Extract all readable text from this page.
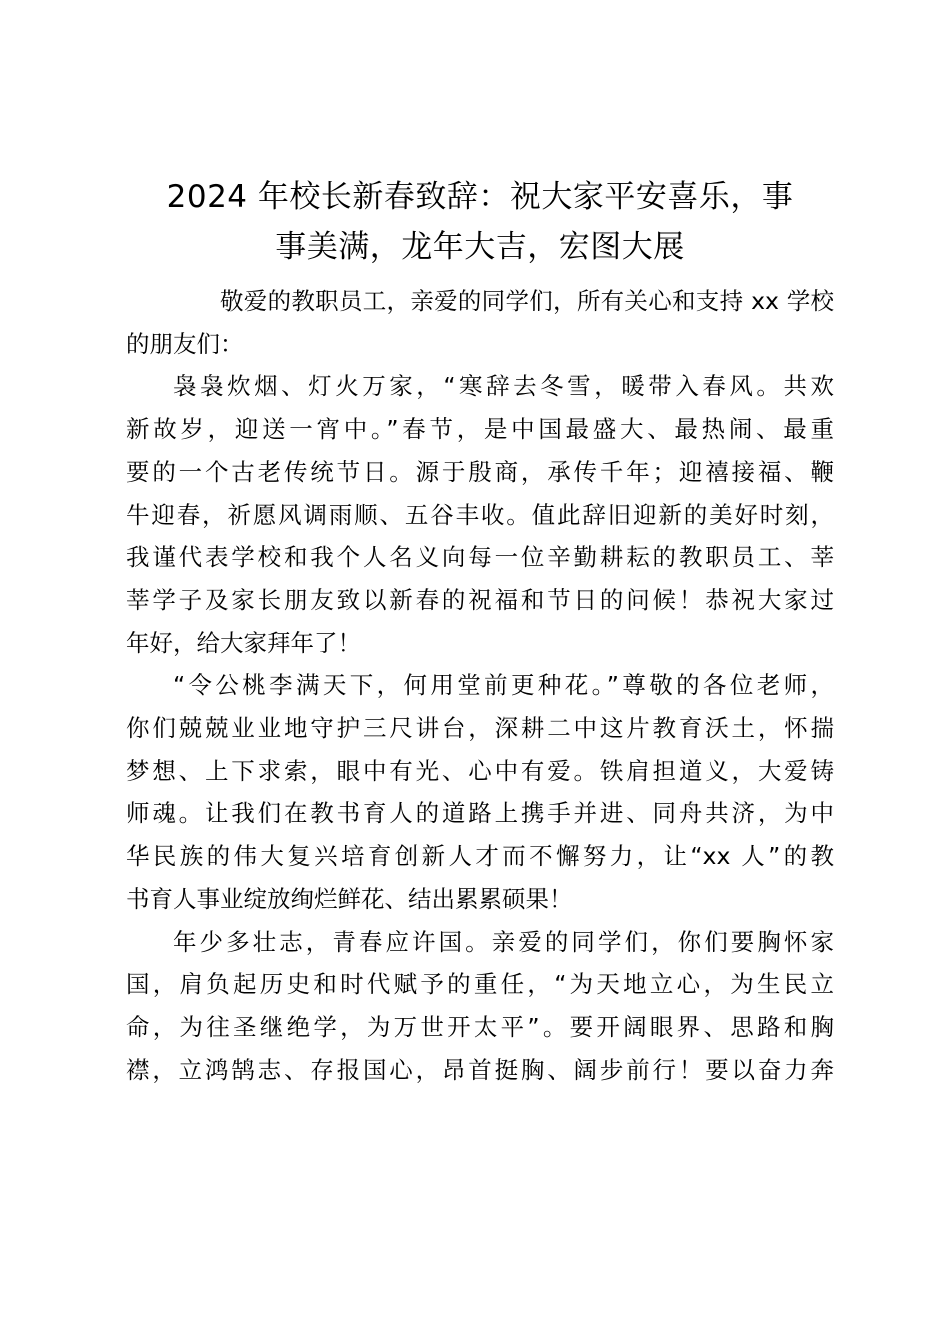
2024 年校长新春致辞：祝大家平安喜乐，事
事美满，龙年大吉，宏图大展
敬爱的教职员工，亲爱的同学们，所有关心和支持 xx 学校
的朋友们：
袅袅炊烟、灯火万家，“寒辞去冬雪，暖带入春风。共欢
新故岁，迎送一宵中。”春节，是中国最盛大、最热闹、最重
要的一个古老传统节日。源于殷商，承传千年；迎禧接福、鞭
牛迎春，祈愿风调雨顺、五谷丰收。值此辞旧迎新的美好时刻，
我谨代表学校和我个人名义向每一位辛勤耕耘的教职员工、莘
莘学子及家长朋友致以新春的祝福和节日的问候！恭祝大家过
年好，给大家拜年了！
“令公桃李满天下，何用堂前更种花。”尊敬的各位老师，
你们兢兢业业地守护三尺讲台，深耕二中这片教育沃土，怀揣
梦想、上下求索，眼中有光、心中有爱。铁肩担道义，大爱铸
师魂。让我们在教书育人的道路上携手并进、同舟共济，为中
华民族的伟大复兴培育创新人才而不懈努力，让“xx 人”的教
书育人事业绽放绚烂鲜花、结出累累硕果！
年少多壮志，青春应许国。亲爱的同学们，你们要胸怀家
国，肩负起历史和时代赋予的重任，“为天地立心，为生民立
命，为往圣继绝学，为万世开太平”。要开阔眼界、思路和胸
襟，立鸿鹄志、存报国心，昂首挺胸、阔步前行！要以奋力奔
